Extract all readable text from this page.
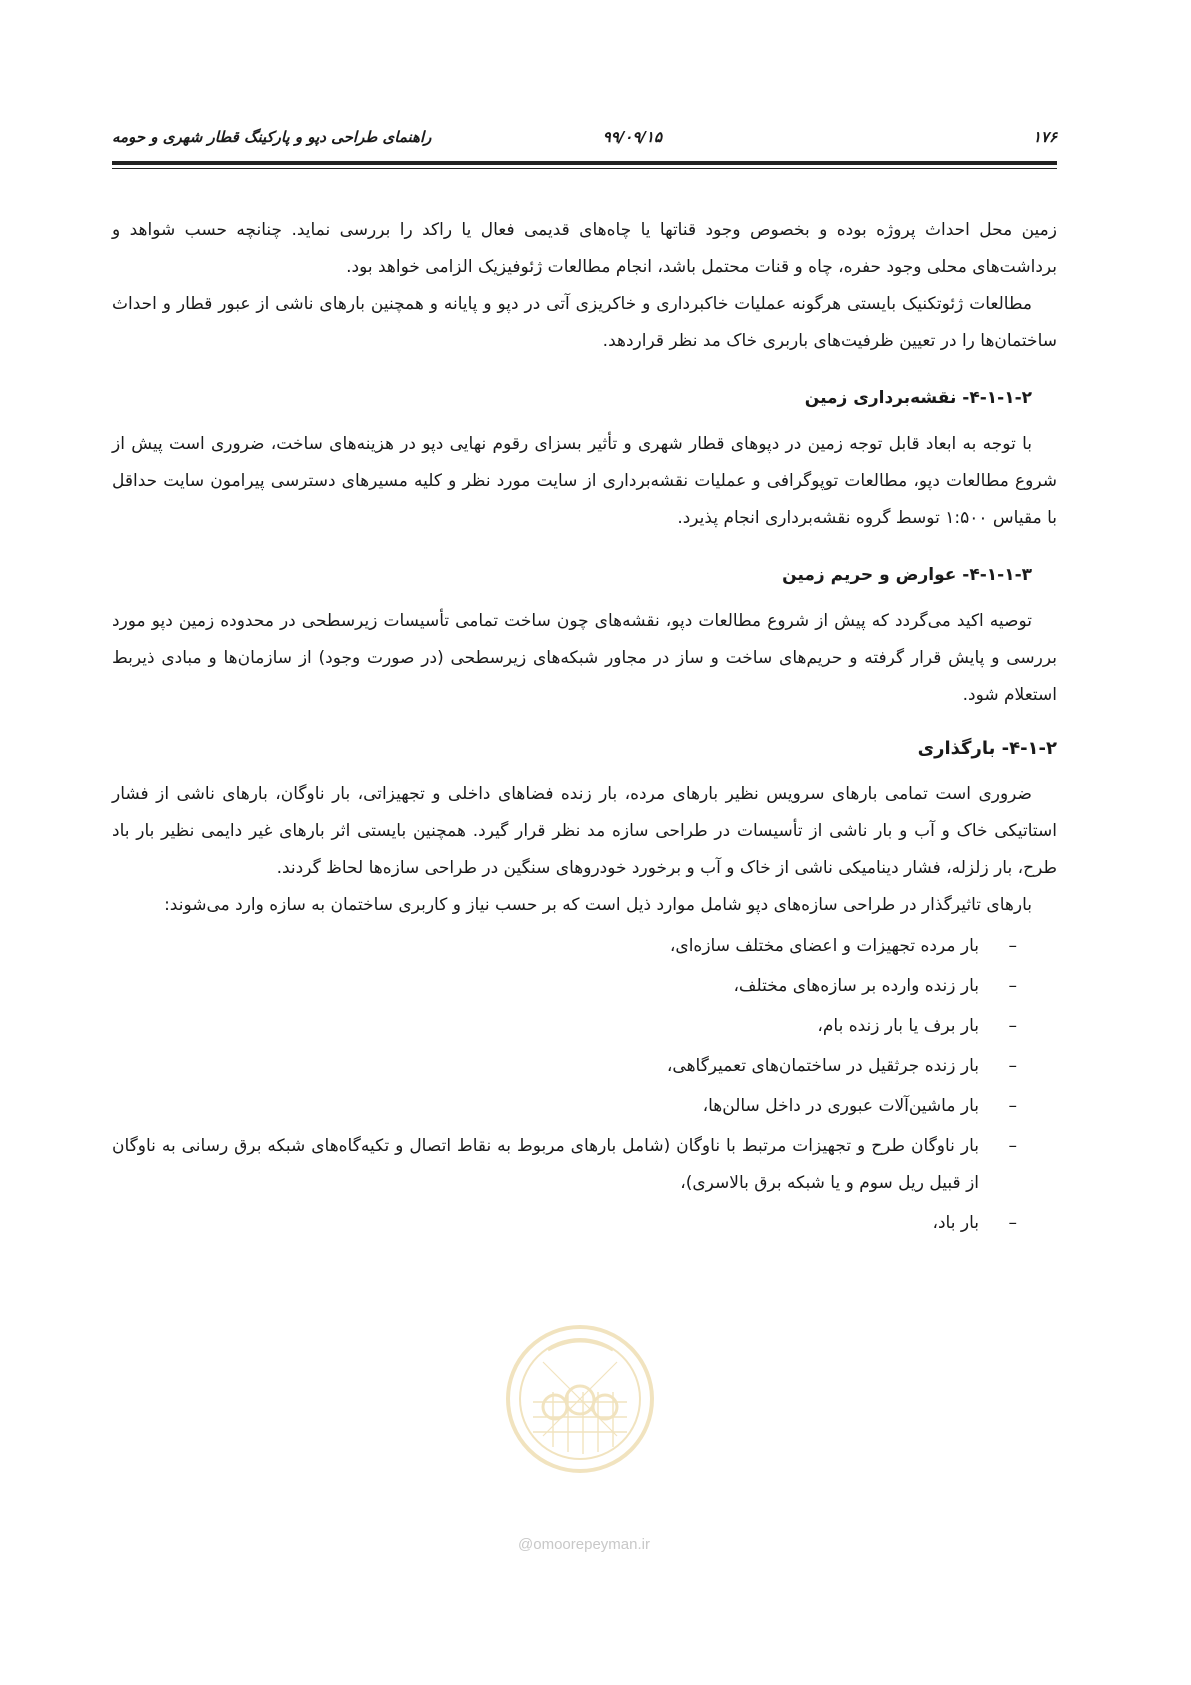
۱۷۶
۹۹/۰۹/۱۵
راهنمای طراحی دپو و پارکینگ قطار شهری و حومه

زمین محل احداث پروژه بوده و بخصوص وجود قناتها یا چاه‌های قدیمی فعال یا راکد را بررسی نماید. چنانچه حسب شواهد و برداشت‌های محلی وجود حفره، چاه و قنات محتمل باشد، انجام مطالعات ژئوفیزیک الزامی خواهد بود.

مطالعات ژئوتکنیک بایستی هرگونه عملیات خاکبرداری و خاکریزی آتی در دپو و پایانه و همچنین بارهای ناشی از عبور قطار و احداث ساختمان‌ها را در تعیین ظرفیت‌های باربری خاک مد نظر قراردهد.

۴-۱-۱-۲- نقشه‌برداری زمین

با توجه به ابعاد قابل توجه زمین در دپوهای قطار شهری و تأثیر بسزای رقوم نهایی دپو در هزینه‌های ساخت، ضروری است پیش از شروع مطالعات دپو، مطالعات توپوگرافی و عملیات نقشه‌برداری از سایت مورد نظر و کلیه مسیرهای دسترسی پیرامون سایت حداقل با مقیاس ۱:۵۰۰ توسط گروه نقشه‌برداری انجام پذیرد.

۴-۱-۱-۳- عوارض و حریم زمین

توصیه اکید می‌گردد که پیش از شروع مطالعات دپو، نقشه‌های چون ساخت تمامی تأسیسات زیرسطحی در محدوده زمین دپو مورد بررسی و پایش قرار گرفته و حریم‌های ساخت و ساز در مجاور شبکه‌های زیرسطحی (در صورت وجود) از سازمان‌ها و مبادی ذیربط استعلام شود.

۴-۱-۲- بارگذاری

ضروری است تمامی بارهای سرویس نظیر بارهای مرده، بار زنده فضاهای داخلی و تجهیزاتی، بار ناوگان، بارهای ناشی از فشار استاتیکی خاک و آب و بار ناشی از تأسیسات در طراحی سازه مد نظر قرار گیرد. همچنین بایستی اثر بارهای غیر دایمی نظیر بار باد طرح، بار زلزله، فشار دینامیکی ناشی از خاک و آب و برخورد خودروهای سنگین در طراحی سازه‌ها لحاظ گردند.

بارهای تاثیرگذار در طراحی سازه‌های دپو شامل موارد ذیل است که بر حسب نیاز و کاربری ساختمان به سازه وارد می‌شوند:

–
بار مرده تجهیزات و اعضای مختلف سازه‌ای،
–
بار زنده وارده بر سازه‌های مختلف،
–
بار برف یا بار زنده بام،
–
بار زنده جرثقیل در ساختمان‌های تعمیرگاهی،
–
بار ماشین‌آلات عبوری در داخل سالن‌ها،
–
بار ناوگان طرح و تجهیزات مرتبط با ناوگان (شامل بارهای مربوط به نقاط اتصال و تکیه‌گاه‌های شبکه برق رسانی به ناوگان از قبیل ریل سوم و یا شبکه برق بالاسری)،
–
بار باد،
@omoorepeyman.ir
